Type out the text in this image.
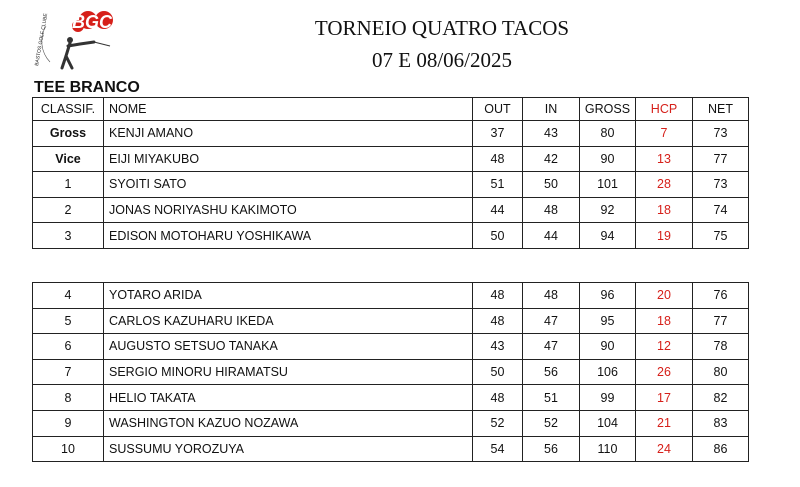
BASTOS GOLF CLUBE BGC	TORNEIO QUATRO TACOS
07 E 08/06/2025
TEE BRANCO
CLASSIF.	NOME	OUT	IN	GROSS	HCP	NET
Gross	KENJI AMANO	37	43	80	7	73
Vice	EIJI MIYAKUBO	48	42	90	13	77
1	SYOITI SATO	51	50	101	28	73
2	JONAS NORIYASHU KAKIMOTO	44	48	92	18	74
3	EDISON MOTOHARU YOSHIKAWA	50	44	94	19	75
4	YOTARO ARIDA	48	48	96	20	76
5	CARLOS KAZUHARU IKEDA	48	47	95	18	77
6	AUGUSTO SETSUO TANAKA	43	47	90	12	78
7	SERGIO MINORU HIRAMATSU	50	56	106	26	80
8	HELIO TAKATA	48	51	99	17	82
9	WASHINGTON KAZUO NOZAWA	52	52	104	21	83
10	SUSSUMU YOROZUYA	54	56	110	24	86
